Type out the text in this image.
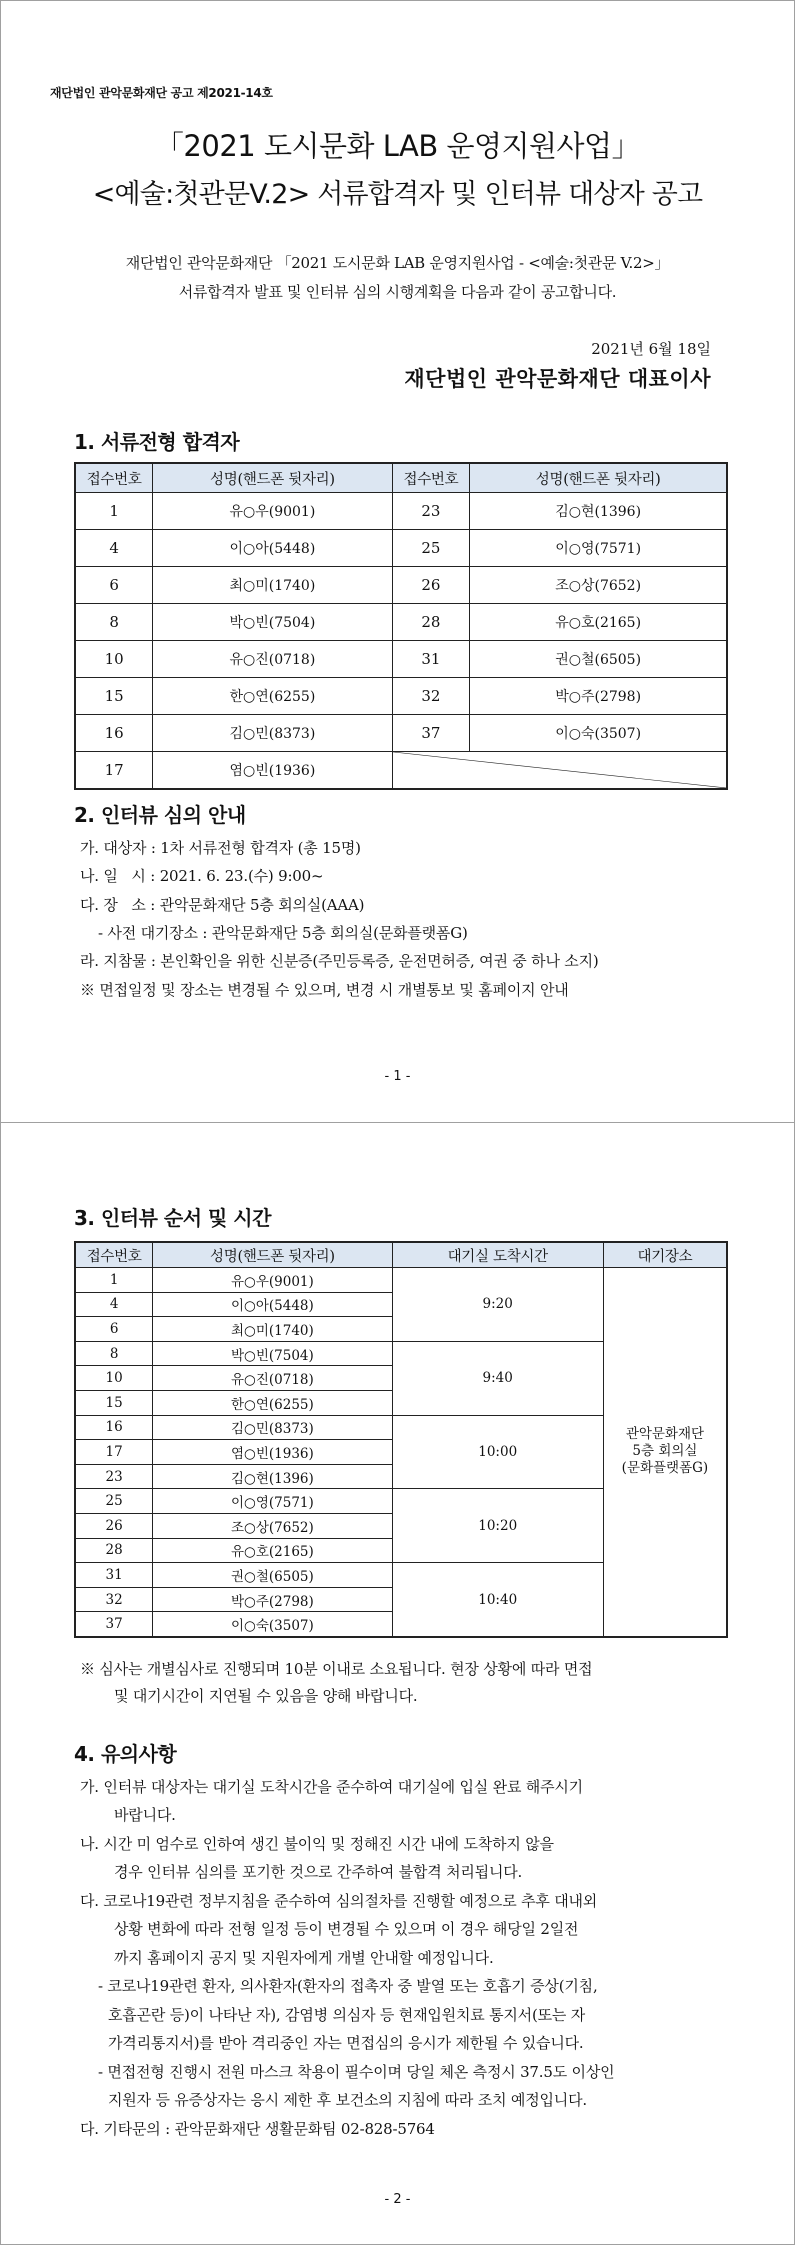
재단법인 관악문화재단 공고 제2021-14호
「2021 도시문화 LAB 운영지원사업」
<예술:첫관문V.2> 서류합격자 및 인터뷰 대상자 공고
재단법인 관악문화재단 「2021 도시문화 LAB 운영지원사업 - <예술:첫관문 V.2>」
서류합격자 발표 및 인터뷰 심의 시행계획을 다음과 같이 공고합니다.
2021년 6월 18일
재단법인 관악문화재단 대표이사
1. 서류전형 합격자
접수번호	성명(핸드폰 뒷자리)	접수번호	성명(핸드폰 뒷자리)
1	유○우(9001)	23	김○현(1396)
4	이○아(5448)	25	이○영(7571)
6	최○미(1740)	26	조○상(7652)
8	박○빈(7504)	28	유○호(2165)
10	유○진(0718)	31	권○철(6505)
15	한○연(6255)	32	박○주(2798)
16	김○민(8373)	37	이○숙(3507)
17	염○빈(1936)	
2. 인터뷰 심의 안내
가. 대상자 : 1차 서류전형 합격자 (총 15명)
나. 일   시 : 2021. 6. 23.(수) 9:00~
다. 장   소 : 관악문화재단 5층 회의실(AAA)
- 사전 대기장소 : 관악문화재단 5층 회의실(문화플랫폼G)
라. 지참물 : 본인확인을 위한 신분증(주민등록증, 운전면허증, 여권 중 하나 소지)
※ 면접일정 및 장소는 변경될 수 있으며, 변경 시 개별통보 및 홈페이지 안내
- 1 -
3. 인터뷰 순서 및 시간
접수번호	성명(핸드폰 뒷자리)	대기실 도착시간	대기장소
1	유○우(9001)	9:20	관악문화재단
5층 회의실
(문화플랫폼G)

4	이○아(5448)		
6	최○미(1740)		
8	박○빈(7504)	9:40	
10	유○진(0718)		
15	한○연(6255)		
16	김○민(8373)	10:00	
17	염○빈(1936)		
23	김○현(1396)		
25	이○영(7571)	10:20	
26	조○상(7652)		
28	유○호(2165)		
31	권○철(6505)	10:40	
32	박○주(2798)		
37	이○숙(3507)		
※ 심사는 개별심사로 진행되며 10분 이내로 소요됩니다. 현장 상황에 따라 면접
및 대기시간이 지연될 수 있음을 양해 바랍니다.
4. 유의사항
가. 인터뷰 대상자는 대기실 도착시간을 준수하여 대기실에 입실 완료 해주시기
바랍니다.
나. 시간 미 엄수로 인하여 생긴 불이익 및 정해진 시간 내에 도착하지 않을
경우 인터뷰 심의를 포기한 것으로 간주하여 불합격 처리됩니다.
다. 코로나19관련 정부지침을 준수하여 심의절차를 진행할 예정으로 추후 대내외
상황 변화에 따라 전형 일정 등이 변경될 수 있으며 이 경우 해당일 2일전
까지 홈페이지 공지 및 지원자에게 개별 안내할 예정입니다.
- 코로나19관련 환자, 의사환자(환자의 접촉자 중 발열 또는 호흡기 증상(기침,
호흡곤란 등)이 나타난 자), 감염병 의심자 등 현재입원치료 통지서(또는 자
가격리통지서)를 받아 격리중인 자는 면접심의 응시가 제한될 수 있습니다.
- 면접전형 진행시 전원 마스크 착용이 필수이며 당일 체온 측정시 37.5도 이상인
지원자 등 유증상자는 응시 제한 후 보건소의 지침에 따라 조치 예정입니다.
다. 기타문의 : 관악문화재단 생활문화팀 02-828-5764
- 2 -
